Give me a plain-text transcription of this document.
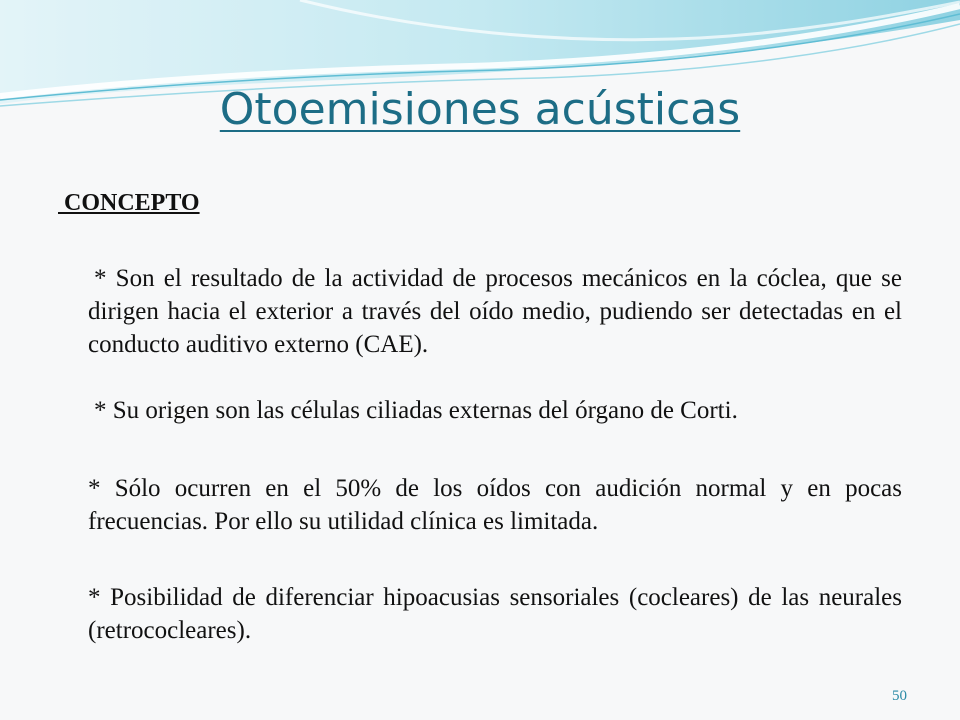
Otoemisiones acústicas
CONCEPTO

* Son el resultado de la actividad de procesos mecánicos en la cóclea, que se dirigen hacia el exterior a través del oído medio, pudiendo ser detectadas en el conducto auditivo externo (CAE).

* Su origen son las células ciliadas externas del órgano de Corti.

* Sólo ocurren en el 50% de los oídos con audición normal y en pocas frecuencias. Por ello su utilidad clínica es limitada.

* Posibilidad de diferenciar hipoacusias sensoriales (cocleares) de las neurales (retrococleares).

50
